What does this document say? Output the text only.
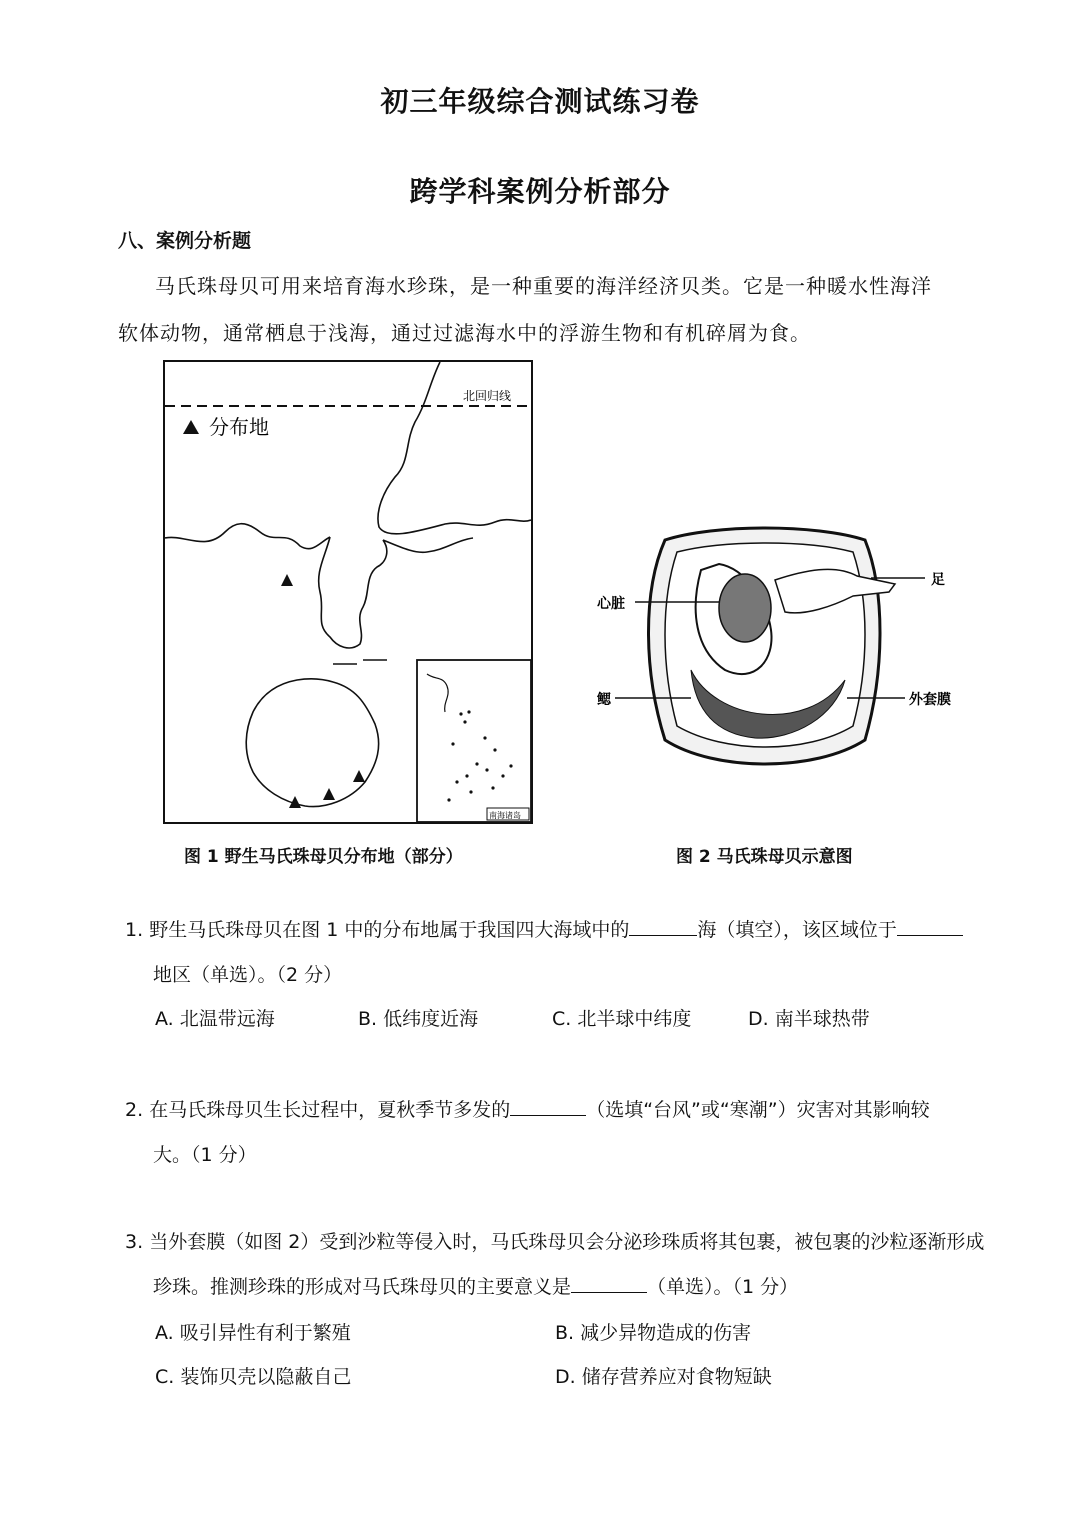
初三年级综合测试练习卷
跨学科案例分析部分
八、案例分析题
马氏珠母贝可用来培育海水珍珠，是一种重要的海洋经济贝类。它是一种暖水性海洋
软体动物，通常栖息于浅海，通过过滤海水中的浮游生物和有机碎屑为食。
北回归线
分布地
南海诸岛
足
心脏
鳃	外套膜
图 1 野生马氏珠母贝分布地（部分）	图 2 马氏珠母贝示意图
1. 野生马氏珠母贝在图 1 中的分布地属于我国四大海域中的	海（填空），该区域位于
地区（单选）。（2 分）
A. 北温带远海	B. 低纬度近海	C. 北半球中纬度	D. 南半球热带
2. 在马氏珠母贝生长过程中，夏秋季节多发的	（选填“台风”或“寒潮”）灾害对其影响较
大。（1 分）
3. 当外套膜（如图 2）受到沙粒等侵入时，马氏珠母贝会分泌珍珠质将其包裹，被包裹的沙粒逐渐形成
珍珠。推测珍珠的形成对马氏珠母贝的主要意义是	（单选）。（1 分）
A. 吸引异性有利于繁殖	B. 减少异物造成的伤害
C. 装饰贝壳以隐蔽自己	D. 储存营养应对食物短缺
